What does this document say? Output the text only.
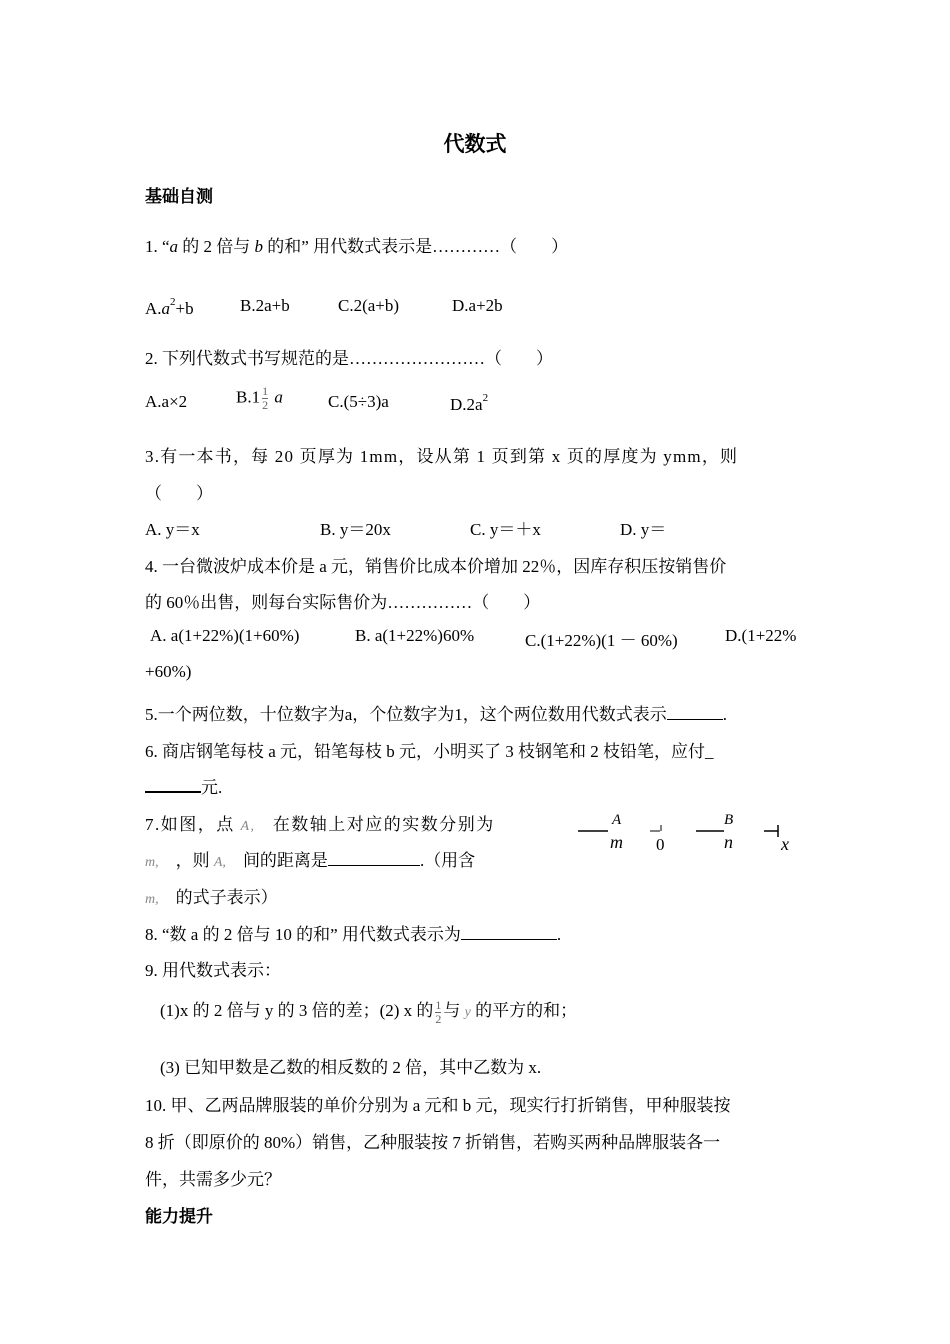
代数式
基础自测
1. “a 的 2 倍与 b 的和” 用代数式表示是…………（　　）
$A.a^2+b$	B.2a+b	C.2(a+b)	D.a+2b
2. 下列代数式书写规范的是……………………（　　）
A.a×2	$B.1 \frac{1}{2}$ a	C.(5÷3)a	$D.2a^2$
3.有一本书，每 20 页厚为 1mm，设从第 1 页到第 x 页的厚度为 ymm，则
（　　）
A. y＝x	B. y＝20x	C. y＝＋x	D. y＝
4. 一台微波炉成本价是 a 元，销售价比成本价增加 22％，因库存积压按销售价
的 60％出售，则每台实际售价为……………（　　）
A. a(1+22%)(1+60%)	B. a(1+22%)60%	C.(1+22%)(1 － 60%)	D.(1+22%
+60%)
5.一个两位数，十位数字为a，个位数字为1，这个两位数用代数式表示	.
6. 商店钢笔每枝 a 元，铅笔每枝 b 元，小明买了 3 枝钢笔和 2 枝铅笔，应付_
元.
7.如图，点 A, 在数轴上对应的实数分别为
m, ，则 A, 间的距离是	.（用含
m, 的式子表示）
A
m 0
B
n	x
8. “数 a 的 2 倍与 10 的和” 用代数式表示为	.
9. 用代数式表示：
(1)x 的 2 倍与 y 的 3 倍的差；(2) x 的 $\frac{1}{2}$ 与 y 的平方的和；
(3) 已知甲数是乙数的相反数的 2 倍，其中乙数为 x.
10. 甲、乙两品牌服装的单价分别为 a 元和 b 元，现实行打折销售，甲种服装按
8 折（即原价的 80%）销售，乙种服装按 7 折销售，若购买两种品牌服装各一
件，共需多少元？
能力提升
